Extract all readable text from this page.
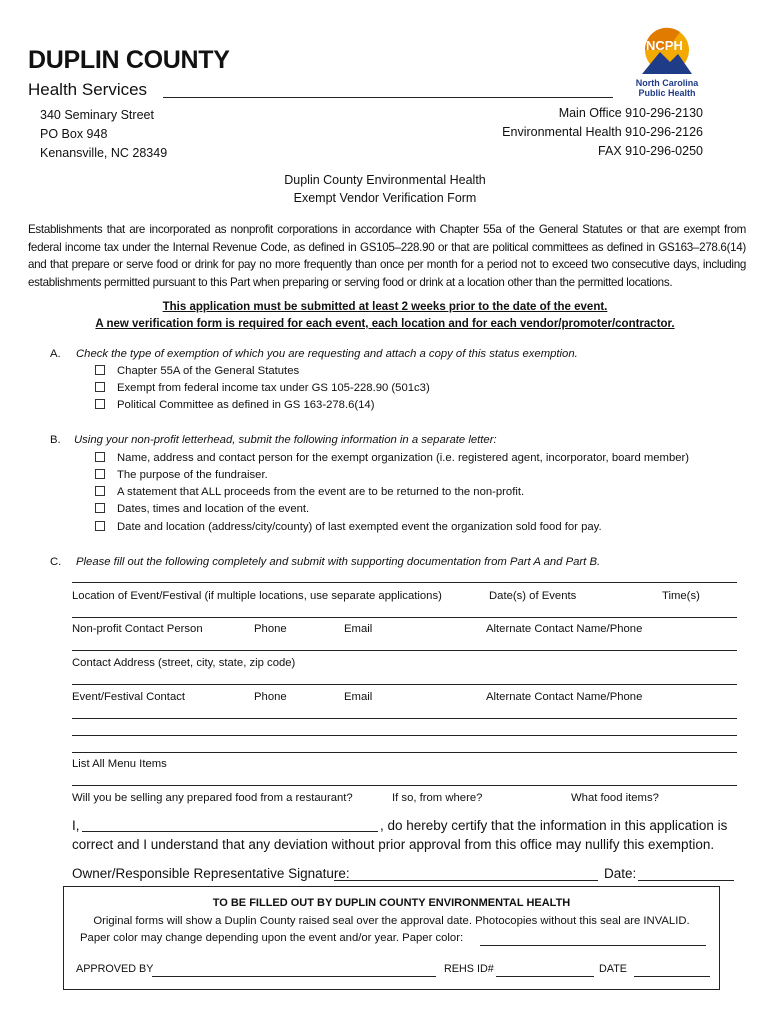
DUPLIN COUNTY
Health Services
NCPH
North Carolina
Public Health
340 Seminary Street
PO Box 948
Kenansville, NC 28349
Main Office 910-296-2130
Environmental Health 910-296-2126
FAX 910-296-0250
Duplin County Environmental Health
Exempt Vendor Verification Form
Establishments that are incorporated as nonprofit corporations in accordance with Chapter 55a of the General Statutes or that are exempt from federal income tax under the Internal Revenue Code, as defined in GS105–228.90 or that are political committees as defined in GS163–278.6(14) and that prepare or serve food or drink for pay no more frequently than once per month for a period not to exceed two consecutive days, including establishments permitted pursuant to this Part when preparing or serving food or drink at a location other than the permitted locations.
This application must be submitted at least 2 weeks prior to the date of the event.
A new verification form is required for each event, each location and for each vendor/promoter/contractor.
A. Check the type of exemption of which you are requesting and attach a copy of this status exemption.
Chapter 55A of the General Statutes
Exempt from federal income tax under GS 105-228.90 (501c3)
Political Committee as defined in GS 163-278.6(14)
B. Using your non-profit letterhead, submit the following information in a separate letter:
Name, address and contact person for the exempt organization (i.e. registered agent, incorporator, board member)
The purpose of the fundraiser.
A statement that ALL proceeds from the event are to be returned to the non-profit.
Dates, times and location of the event.
Date and location (address/city/county) of last exempted event the organization sold food for pay.
C. Please fill out the following completely and submit with supporting documentation from Part A and Part B.
Location of Event/Festival (if multiple locations, use separate applications)	Date(s) of Events	Time(s)
Non-profit Contact Person	Phone	Email	Alternate Contact Name/Phone
Contact Address (street, city, state, zip code)
Event/Festival Contact	Phone	Email	Alternate Contact Name/Phone
List All Menu Items
Will you be selling any prepared food from a restaurant?	If so, from where?	What food items?
I,	, do hereby certify that the information in this application is
correct and I understand that any deviation without prior approval from this office may nullify this exemption.
Owner/Responsible Representative Signature:	Date:
TO BE FILLED OUT BY DUPLIN COUNTY ENVIRONMENTAL HEALTH
Original forms will show a Duplin County raised seal over the approval date. Photocopies without this seal are INVALID.
Paper color may change depending upon the event and/or year. Paper color:
APPROVED BY	REHS ID#	DATE
